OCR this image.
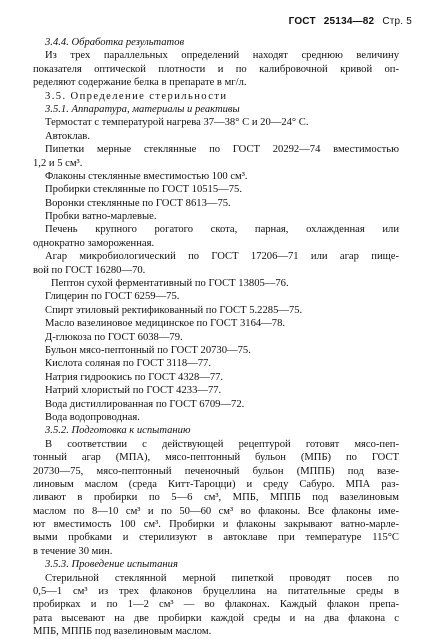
ГОСТ 25134—82 Стр. 5
3.4.4. Обработка результатов
Из трех параллельных определений находят среднюю величину
показателя оптической плотности и по калибровочной кривой оп-
ределяют содержание белка в препарате в мг/л.
3.5. Определение стерильности
3.5.1. Аппаратура, материалы и реактивы
Термостат с температурой нагрева 37—38° С и 20—24° С.
Автоклав.
Пипетки мерные стеклянные по ГОСТ 20292—74 вместимостью
1,2 и 5 см³.
Флаконы стеклянные вместимостью 100 см³.
Пробирки стеклянные по ГОСТ 10515—75.
Воронки стеклянные по ГОСТ 8613—75.
Пробки ватно-марлевые.
Печень крупного рогатого скота, парная, охлажденная или
однократно замороженная.
Агар микробиологический по ГОСТ 17206—71 или агар пище-
вой по ГОСТ 16280—70.
Пептон сухой ферментативный по ГОСТ 13805—76.
Глицерин по ГОСТ 6259—75.
Спирт этиловый ректификованный по ГОСТ 5.2285—75.
Масло вазелиновое медицинское по ГОСТ 3164—78.
Д-глюкоза по ГОСТ 6038—79.
Бульон мясо-пептонный по ГОСТ 20730—75.
Кислота соляная по ГОСТ 3118—77.
Натрия гидроокись по ГОСТ 4328—77.
Натрий хлористый по ГОСТ 4233—77.
Вода дистиллированная по ГОСТ 6709—72.
Вода водопроводная.
3.5.2. Подготовка к испытанию
В соответствии с действующей рецептурой готовят мясо-пеп-
тонный агар (МПА), мясо-пептонный бульон (МПБ) по ГОСТ
20730—75, мясо-пептонный печеночный бульон (МППБ) под вазе-
линовым маслом (среда Китт-Тароцци) и среду Сабуро. МПА раз-
ливают в пробирки по 5—6 см³, МПБ, МППБ под вазелиновым
маслом по 8—10 см³ и по 50—60 см³ во флаконы. Все флаконы име-
ют вместимость 100 см³. Пробирки и флаконы закрывают ватно-марле-
выми пробками и стерилизуют в автоклаве при температуре 115°С
в течение 30 мин.
3.5.3. Проведение испытания
Стерильной стеклянной мерной пипеткой проводят посев по
0,5—1 см³ из трех флаконов бруцеллина на питательные среды в
пробирках и по 1—2 см³ — во флаконах. Каждый флакон препа-
рата высевают на две пробирки каждой среды и на два флакона с
МПБ, МППБ под вазелиновым маслом.
